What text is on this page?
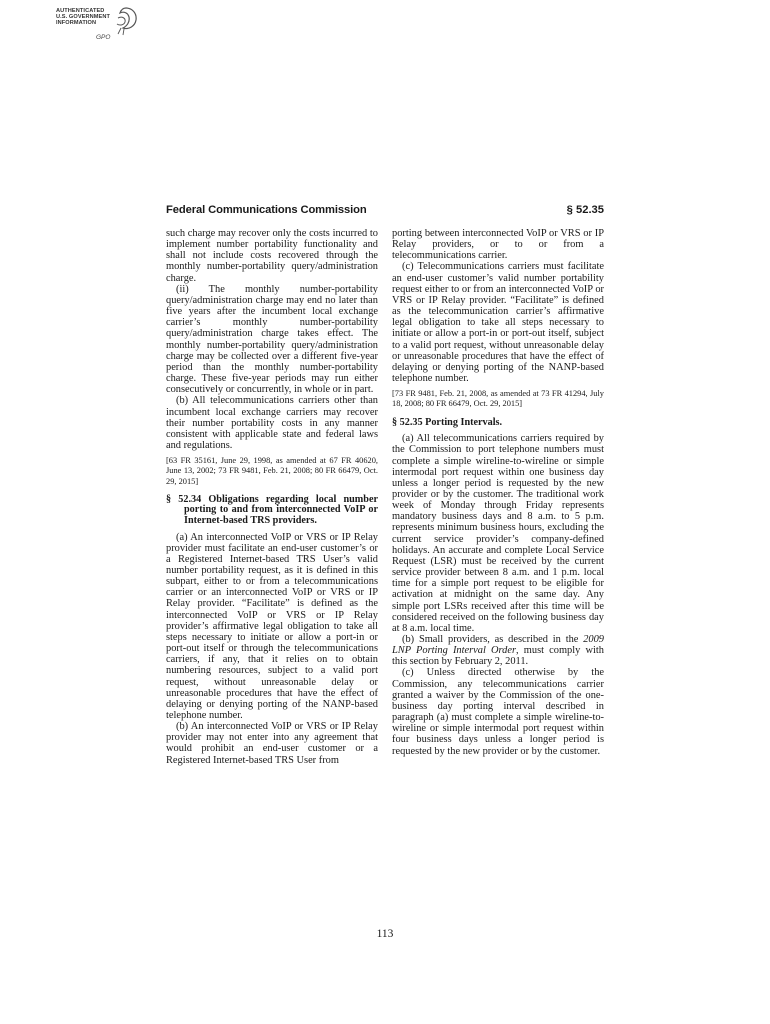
AUTHENTICATED
U.S. GOVERNMENT
INFORMATION
GPO
Federal Communications Commission	§ 52.35

such charge may recover only the costs incurred to implement number portability functionality and shall not include costs recovered through the monthly number-portability query/administration charge.

(ii) The monthly number-portability query/administration charge may end no later than five years after the incumbent local exchange carrier’s monthly number-portability query/administration charge takes effect. The monthly number-portability query/administration charge may be collected over a different five-year period than the monthly number-portability charge. These five-year periods may run either consecutively or concurrently, in whole or in part.

(b) All telecommunications carriers other than incumbent local exchange carriers may recover their number portability costs in any manner consistent with applicable state and federal laws and regulations.

[63 FR 35161, June 29, 1998, as amended at 67 FR 40620, June 13, 2002; 73 FR 9481, Feb. 21, 2008; 80 FR 66479, Oct. 29, 2015]

§ 52.34 Obligations regarding local number porting to and from interconnected VoIP or Internet-based TRS providers.

(a) An interconnected VoIP or VRS or IP Relay provider must facilitate an end-user customer’s or a Registered Internet-based TRS User’s valid number portability request, as it is defined in this subpart, either to or from a telecommunications carrier or an interconnected VoIP or VRS or IP Relay provider. “Facilitate” is defined as the interconnected VoIP or VRS or IP Relay provider’s affirmative legal obligation to take all steps necessary to initiate or allow a port-in or port-out itself or through the telecommunications carriers, if any, that it relies on to obtain numbering resources, subject to a valid port request, without unreasonable delay or unreasonable procedures that have the effect of delaying or denying porting of the NANP-based telephone number.

(b) An interconnected VoIP or VRS or IP Relay provider may not enter into any agreement that would prohibit an end-user customer or a Registered Internet-based TRS User from

porting between interconnected VoIP or VRS or IP Relay providers, or to or from a telecommunications carrier.

(c) Telecommunications carriers must facilitate an end-user customer’s valid number portability request either to or from an interconnected VoIP or VRS or IP Relay provider. “Facilitate” is defined as the telecommunication carrier’s affirmative legal obligation to take all steps necessary to initiate or allow a port-in or port-out itself, subject to a valid port request, without unreasonable delay or unreasonable procedures that have the effect of delaying or denying porting of the NANP-based telephone number.

[73 FR 9481, Feb. 21, 2008, as amended at 73 FR 41294, July 18, 2008; 80 FR 66479, Oct. 29, 2015]

§ 52.35 Porting Intervals.

(a) All telecommunications carriers required by the Commission to port telephone numbers must complete a simple wireline-to-wireline or simple intermodal port request within one business day unless a longer period is requested by the new provider or by the customer. The traditional work week of Monday through Friday represents mandatory business days and 8 a.m. to 5 p.m. represents minimum business hours, excluding the current service provider’s company-defined holidays. An accurate and complete Local Service Request (LSR) must be received by the current service provider between 8 a.m. and 1 p.m. local time for a simple port request to be eligible for activation at midnight on the same day. Any simple port LSRs received after this time will be considered received on the following business day at 8 a.m. local time.

(b) Small providers, as described in the 2009 LNP Porting Interval Order, must comply with this section by February 2, 2011.

(c) Unless directed otherwise by the Commission, any telecommunications carrier granted a waiver by the Commission of the one-business day porting interval described in paragraph (a) must complete a simple wireline-to-wireline or simple intermodal port request within four business days unless a longer period is requested by the new provider or by the customer.

113
